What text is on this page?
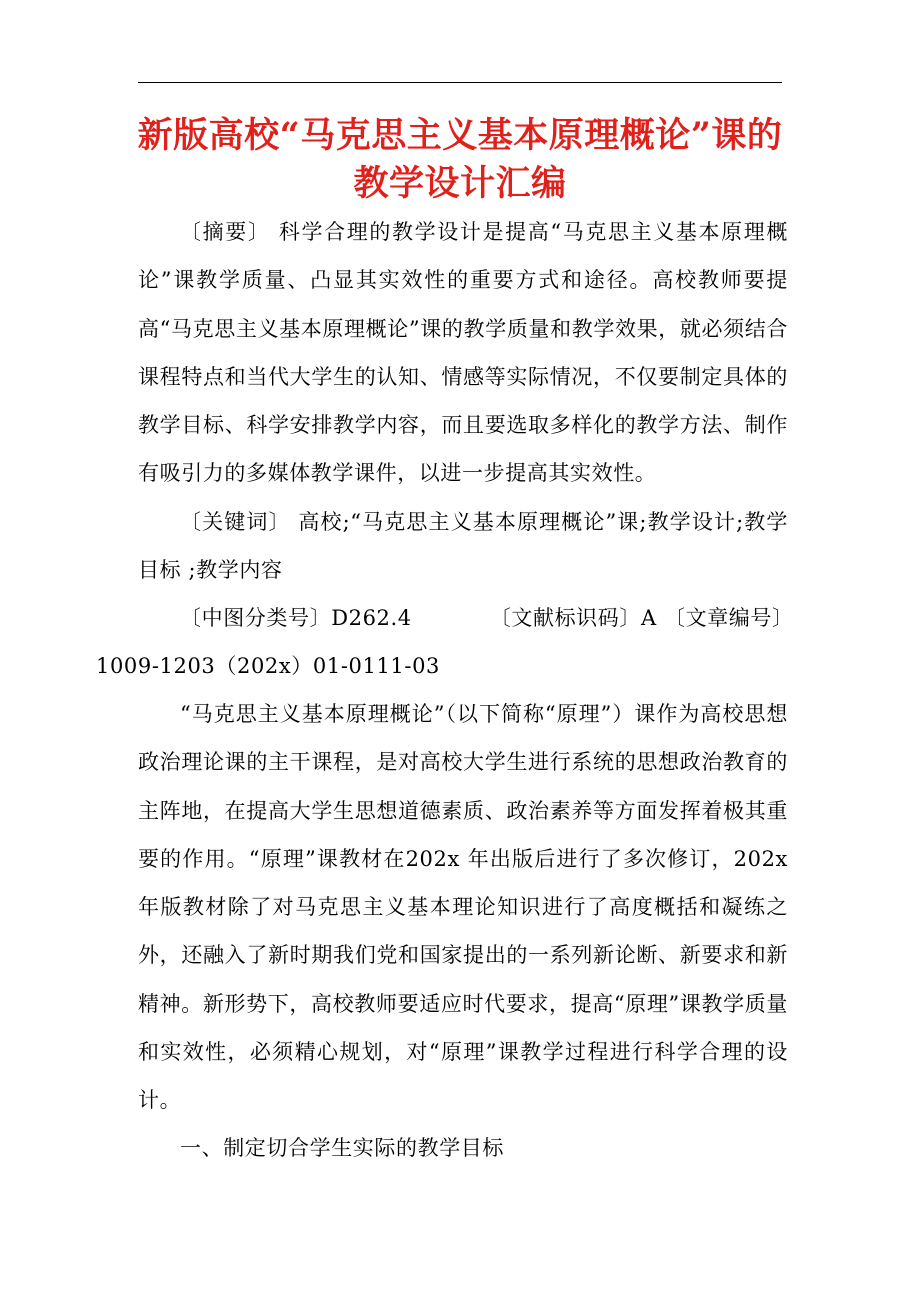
新版高校“马克思主义基本原理概论”课的
教学设计汇编
〔摘要〕 科学合理的教学设计是提高“马克思主义基本原理概论”课教学质量、凸显其实效性的重要方式和途径。高校教师要提高“马克思主义基本原理概论”课的教学质量和教学效果，就必须结合课程特点和当代大学生的认知、情感等实际情况，不仅要制定具体的教学目标、科学安排教学内容，而且要选取多样化的教学方法、制作有吸引力的多媒体教学课件，以进一步提高其实效性。
〔关键词〕 高校;“马克思主义基本原理概论”课;教学设计;教学目标 ;教学内容
〔中图分类号〕D262.4	〔文献标识码〕A 〔文章编号〕
1009-1203（202x）01-0111-03
“马克思主义基本原理概论”（以下简称“原理”）课作为高校思想政治理论课的主干课程，是对高校大学生进行系统的思想政治教育的主阵地，在提高大学生思想道德素质、政治素养等方面发挥着极其重要的作用。“原理”课教材在202x 年出版后进行了多次修订，202x 年版教材除了对马克思主义基本理论知识进行了高度概括和凝练之外，还融入了新时期我们党和国家提出的一系列新论断、新要求和新精神。新形势下，高校教师要适应时代要求，提高“原理”课教学质量和实效性，必须精心规划，对“原理”课教学过程进行科学合理的设计。
一、制定切合学生实际的教学目标
